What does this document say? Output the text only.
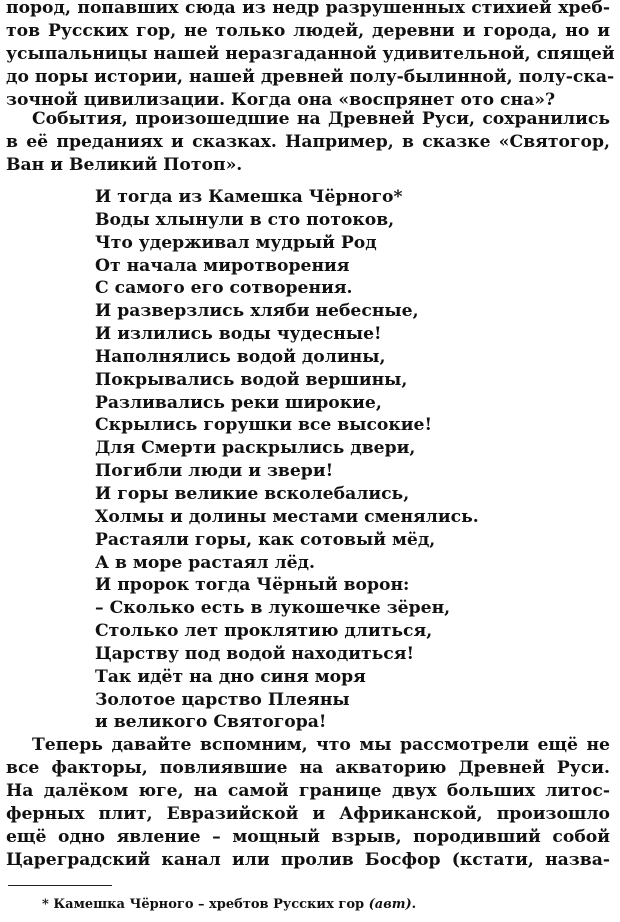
пород, попавших сюда из недр разрушенных стихией хреб-
тов Русских гор, не только людей, деревни и города, но и
усыпальницы нашей неразгаданной удивительной, спящей
до поры истории, нашей древней полу-былинной, полу-ска-
зочной цивилизации. Когда она «воспрянет ото сна»?

События, произошедшие на Древней Руси, сохранились
в её преданиях и сказках. Например, в сказке «Святогор,
Ван и Великий Потоп».

И тогда из Камешка Чёрного*
Воды хлынули в сто потоков,
Что удерживал мудрый Род
От начала миротворения
С самого его сотворения.
И разверзлись хляби небесные,
И излились воды чудесные!
Наполнялись водой долины,
Покрывались водой вершины,
Разливались реки широкие,
Скрылись горушки все высокие!
Для Смерти раскрылись двери,
Погибли люди и звери!
И горы великие всколебались,
Холмы и долины местами сменялись.
Растаяли горы, как сотовый мёд,
А в море растаял лёд.
И пророк тогда Чёрный ворон:
– Сколько есть в лукошечке зёрен,
Столько лет проклятию длиться,
Царству под водой находиться!
Так идёт на дно синя моря
Золотое царство Плеяны
и великого Святогора!

Теперь давайте вспомним, что мы рассмотрели ещё не
все факторы, повлиявшие на акваторию Древней Руси.
На далёком юге, на самой границе двух больших литос-
ферных плит, Евразийской и Африканской, произошло
ещё одно явление – мощный взрыв, породивший собой
Цареградский канал или пролив Босфор (кстати, назва-

* Камешка Чёрного – хребтов Русских гор (авт).
